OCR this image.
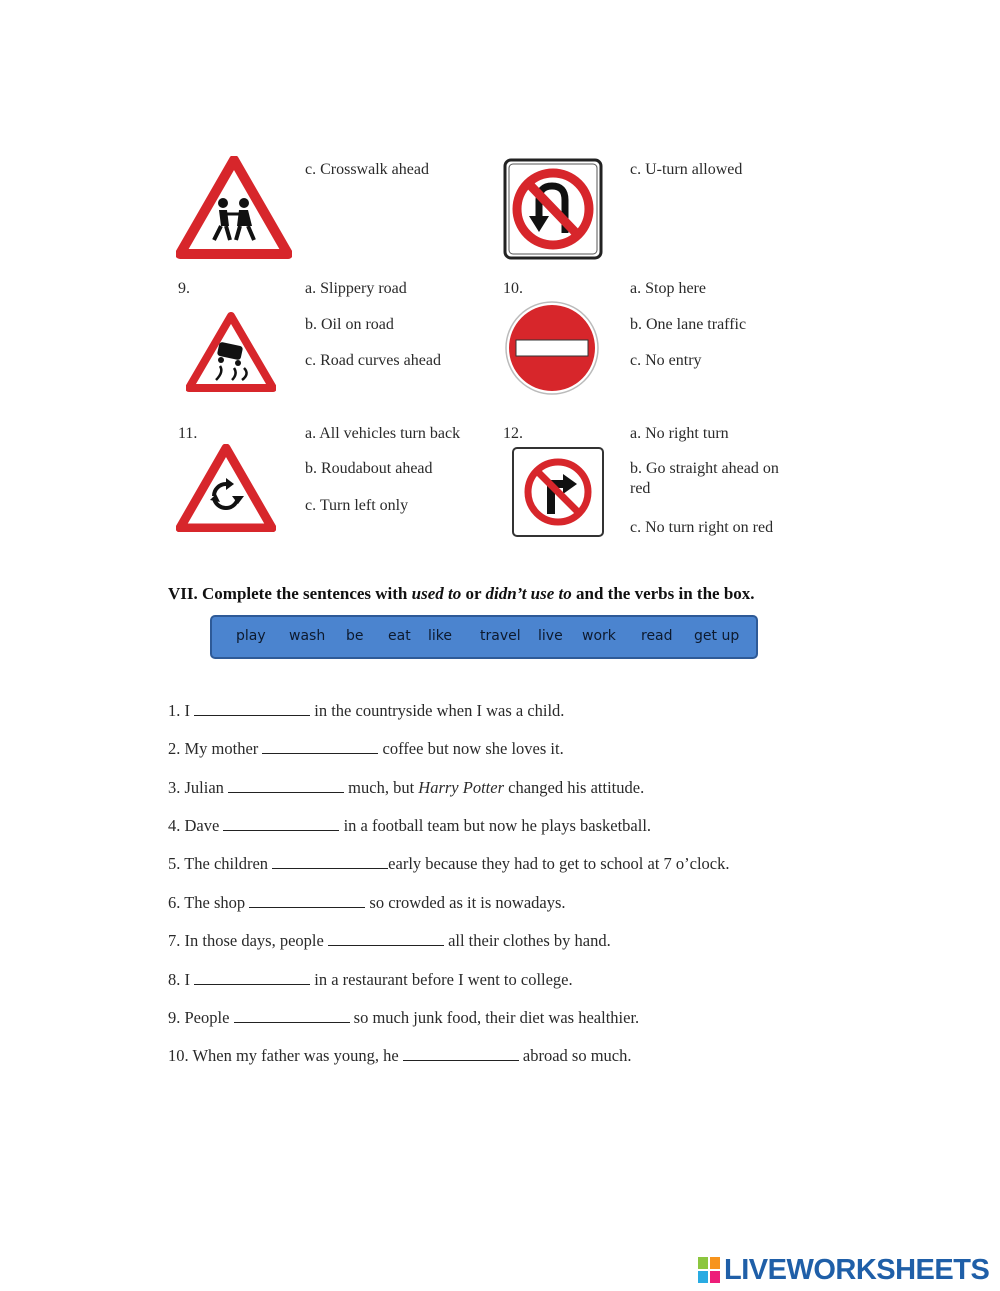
c. Crosswalk ahead	c. U-turn allowed
9.	a. Slippery road
b. Oil on road
c. Road curves ahead
10.	a. Stop here
b. One lane traffic
c. No entry
11.	a. All vehicles turn back
b. Roudabout ahead
c. Turn left only
12.	a. No right turn
b. Go straight ahead on red
c. No turn right on red
VII. Complete the sentences with used to or didn’t use to and the verbs in the box.
play wash be eat like travel live work read get up
1. I	in the countryside when I was a child.
2. My mother	coffee but now she loves it.
3. Julian	much, but Harry Potter changed his attitude.
4. Dave	in a football team but now he plays basketball.
5. The children	early because they had to get to school at 7 o’clock.
6. The shop	so crowded as it is nowadays.
7. In those days, people	all their clothes by hand.
8. I	in a restaurant before I went to college.
9. People	so much junk food, their diet was healthier.
10. When my father was young, he	abroad so much.
LIVEWORKSHEETS
